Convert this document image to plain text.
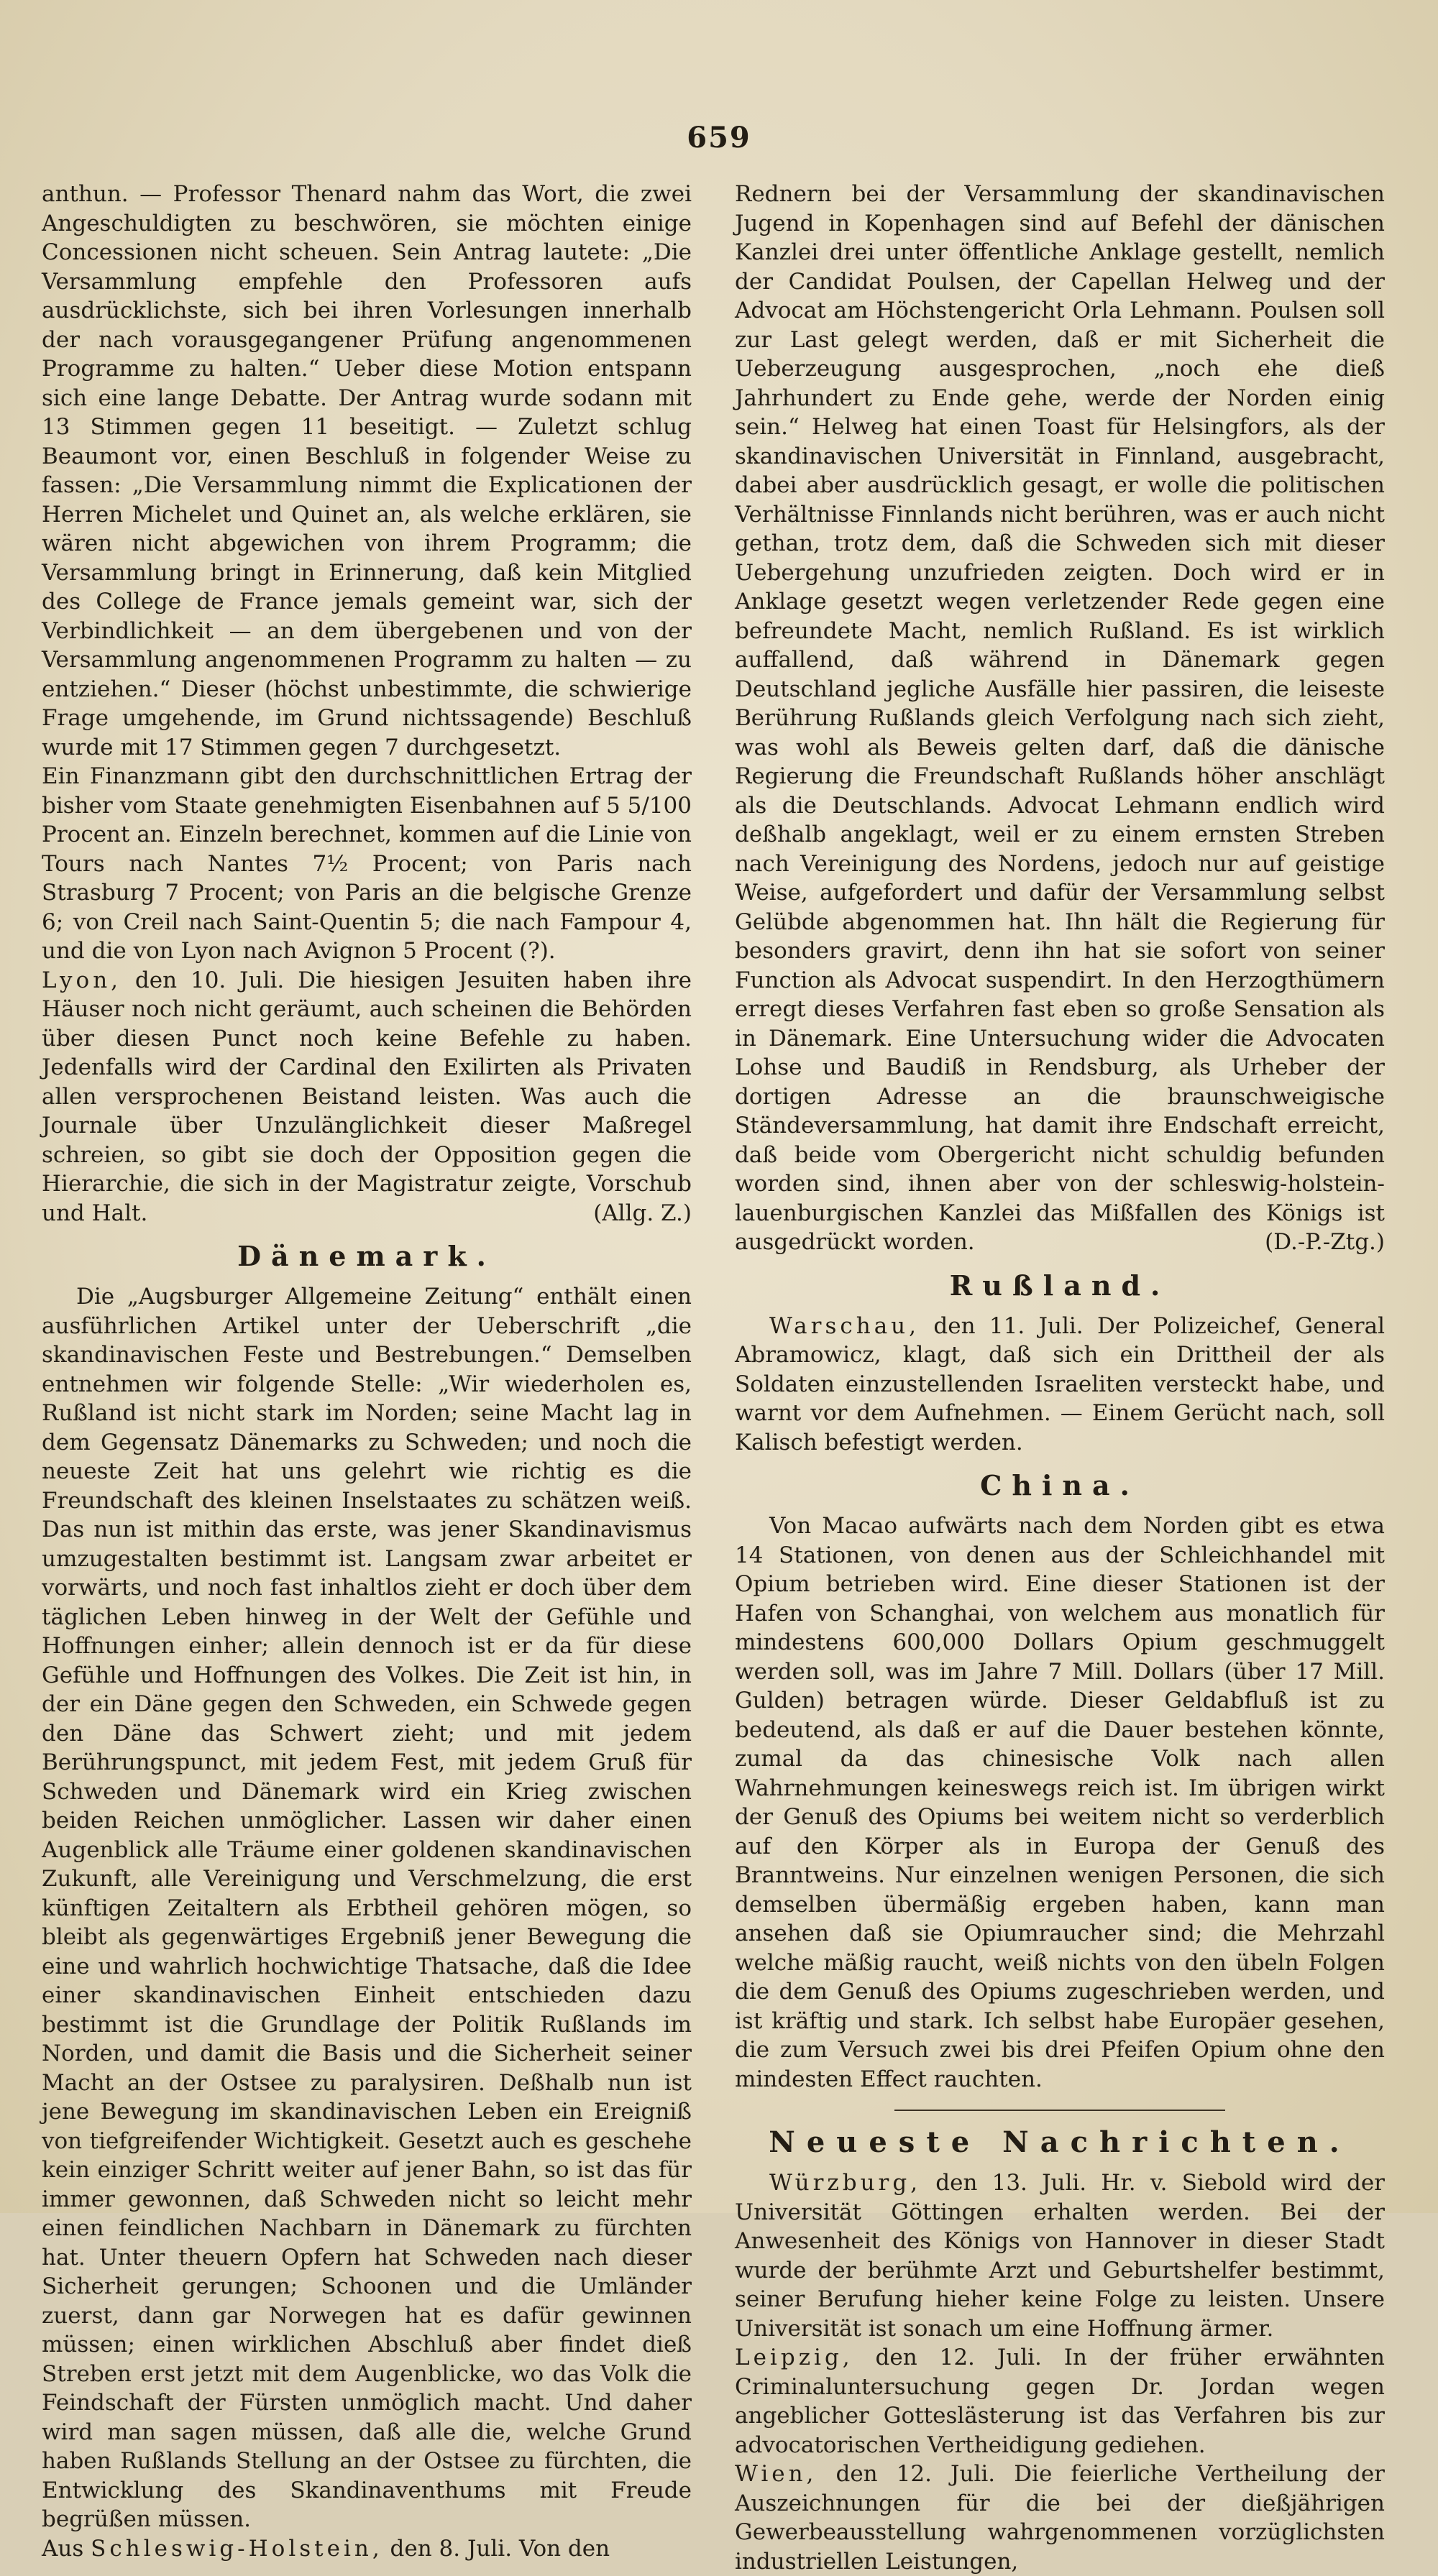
659

anthun. — Professor Thenard nahm das Wort, die zwei Angeschuldigten zu beschwören, sie möchten einige Concessionen nicht scheuen. Sein Antrag lautete: „Die Versammlung empfehle den Professoren aufs ausdrücklichste, sich bei ihren Vorlesungen innerhalb der nach vorausgegangener Prüfung angenommenen Programme zu halten.“ Ueber diese Motion entspann sich eine lange Debatte. Der Antrag wurde sodann mit 13 Stimmen gegen 11 beseitigt. — Zuletzt schlug Beaumont vor, einen Beschluß in folgender Weise zu fassen: „Die Versammlung nimmt die Explicationen der Herren Michelet und Quinet an, als welche erklären, sie wären nicht abgewichen von ihrem Programm; die Versammlung bringt in Erinnerung, daß kein Mitglied des College de France jemals gemeint war, sich der Verbindlichkeit — an dem übergebenen und von der Versammlung angenommenen Programm zu halten — zu entziehen.“ Dieser (höchst unbestimmte, die schwierige Frage umgehende, im Grund nichtssagende) Beschluß wurde mit 17 Stimmen gegen 7 durchgesetzt.

Ein Finanzmann gibt den durchschnittlichen Ertrag der bisher vom Staate genehmigten Eisenbahnen auf 5 5/100 Procent an. Einzeln berechnet, kommen auf die Linie von Tours nach Nantes 7½ Procent; von Paris nach Strasburg 7 Procent; von Paris an die belgische Grenze 6; von Creil nach Saint-Quentin 5; die nach Fampour 4, und die von Lyon nach Avignon 5 Procent (?).

Lyon, den 10. Juli. Die hiesigen Jesuiten haben ihre Häuser noch nicht geräumt, auch scheinen die Behörden über diesen Punct noch keine Befehle zu haben. Jedenfalls wird der Cardinal den Exilirten als Privaten allen versprochenen Beistand leisten. Was auch die Journale über Unzulänglichkeit dieser Maßregel schreien, so gibt sie doch der Opposition gegen die Hierarchie, die sich in der Magistratur zeigte, Vorschub und Halt.	(Allg. Z.)

Dänemark.

Die „Augsburger Allgemeine Zeitung“ enthält einen ausführlichen Artikel unter der Ueberschrift „die skandinavischen Feste und Bestrebungen.“ Demselben entnehmen wir folgende Stelle: „Wir wiederholen es, Rußland ist nicht stark im Norden; seine Macht lag in dem Gegensatz Dänemarks zu Schweden; und noch die neueste Zeit hat uns gelehrt wie richtig es die Freundschaft des kleinen Inselstaates zu schätzen weiß. Das nun ist mithin das erste, was jener Skandinavismus umzugestalten bestimmt ist. Langsam zwar arbeitet er vorwärts, und noch fast inhaltlos zieht er doch über dem täglichen Leben hinweg in der Welt der Gefühle und Hoffnungen einher; allein dennoch ist er da für diese Gefühle und Hoffnungen des Volkes. Die Zeit ist hin, in der ein Däne gegen den Schweden, ein Schwede gegen den Däne das Schwert zieht; und mit jedem Berührungspunct, mit jedem Fest, mit jedem Gruß für Schweden und Dänemark wird ein Krieg zwischen beiden Reichen unmöglicher. Lassen wir daher einen Augenblick alle Träume einer goldenen skandinavischen Zukunft, alle Vereinigung und Verschmelzung, die erst künftigen Zeitaltern als Erbtheil gehören mögen, so bleibt als gegenwärtiges Ergebniß jener Bewegung die eine und wahrlich hochwichtige Thatsache, daß die Idee einer skandinavischen Einheit entschieden dazu bestimmt ist die Grundlage der Politik Rußlands im Norden, und damit die Basis und die Sicherheit seiner Macht an der Ostsee zu paralysiren. Deßhalb nun ist jene Bewegung im skandinavischen Leben ein Ereigniß von tiefgreifender Wichtigkeit. Gesetzt auch es geschehe kein einziger Schritt weiter auf jener Bahn, so ist das für immer gewonnen, daß Schweden nicht so leicht mehr einen feindlichen Nachbarn in Dänemark zu fürchten hat. Unter theuern Opfern hat Schweden nach dieser Sicherheit gerungen; Schoonen und die Umländer zuerst, dann gar Norwegen hat es dafür gewinnen müssen; einen wirklichen Abschluß aber findet dieß Streben erst jetzt mit dem Augenblicke, wo das Volk die Feindschaft der Fürsten unmöglich macht. Und daher wird man sagen müssen, daß alle die, welche Grund haben Rußlands Stellung an der Ostsee zu fürchten, die Entwicklung des Skandinaventhums mit Freude begrüßen müssen.

Aus Schleswig-Holstein, den 8. Juli. Von den

Rednern bei der Versammlung der skandinavischen Jugend in Kopenhagen sind auf Befehl der dänischen Kanzlei drei unter öffentliche Anklage gestellt, nemlich der Candidat Poulsen, der Capellan Helweg und der Advocat am Höchstengericht Orla Lehmann. Poulsen soll zur Last gelegt werden, daß er mit Sicherheit die Ueberzeugung ausgesprochen, „noch ehe dieß Jahrhundert zu Ende gehe, werde der Norden einig sein.“ Helweg hat einen Toast für Helsingfors, als der skandinavischen Universität in Finnland, ausgebracht, dabei aber ausdrücklich gesagt, er wolle die politischen Verhältnisse Finnlands nicht berühren, was er auch nicht gethan, trotz dem, daß die Schweden sich mit dieser Uebergehung unzufrieden zeigten. Doch wird er in Anklage gesetzt wegen verletzender Rede gegen eine befreundete Macht, nemlich Rußland. Es ist wirklich auffallend, daß während in Dänemark gegen Deutschland jegliche Ausfälle hier passiren, die leiseste Berührung Rußlands gleich Verfolgung nach sich zieht, was wohl als Beweis gelten darf, daß die dänische Regierung die Freundschaft Rußlands höher anschlägt als die Deutschlands. Advocat Lehmann endlich wird deßhalb angeklagt, weil er zu einem ernsten Streben nach Vereinigung des Nordens, jedoch nur auf geistige Weise, aufgefordert und dafür der Versammlung selbst Gelübde abgenommen hat. Ihn hält die Regierung für besonders gravirt, denn ihn hat sie sofort von seiner Function als Advocat suspendirt. In den Herzogthümern erregt dieses Verfahren fast eben so große Sensation als in Dänemark. Eine Untersuchung wider die Advocaten Lohse und Baudiß in Rendsburg, als Urheber der dortigen Adresse an die braunschweigische Ständeversammlung, hat damit ihre Endschaft erreicht, daß beide vom Obergericht nicht schuldig befunden worden sind, ihnen aber von der schleswig-holstein-lauenburgischen Kanzlei das Mißfallen des Königs ist ausgedrückt worden.	(D.-P.-Ztg.)

Rußland.

Warschau, den 11. Juli. Der Polizeichef, General Abramowicz, klagt, daß sich ein Drittheil der als Soldaten einzustellenden Israeliten versteckt habe, und warnt vor dem Aufnehmen. — Einem Gerücht nach, soll Kalisch befestigt werden.

China.

Von Macao aufwärts nach dem Norden gibt es etwa 14 Stationen, von denen aus der Schleichhandel mit Opium betrieben wird. Eine dieser Stationen ist der Hafen von Schanghai, von welchem aus monatlich für mindestens 600,000 Dollars Opium geschmuggelt werden soll, was im Jahre 7 Mill. Dollars (über 17 Mill. Gulden) betragen würde. Dieser Geldabfluß ist zu bedeutend, als daß er auf die Dauer bestehen könnte, zumal da das chinesische Volk nach allen Wahrnehmungen keineswegs reich ist. Im übrigen wirkt der Genuß des Opiums bei weitem nicht so verderblich auf den Körper als in Europa der Genuß des Branntweins. Nur einzelnen wenigen Personen, die sich demselben übermäßig ergeben haben, kann man ansehen daß sie Opiumraucher sind; die Mehrzahl welche mäßig raucht, weiß nichts von den übeln Folgen die dem Genuß des Opiums zugeschrieben werden, und ist kräftig und stark. Ich selbst habe Europäer gesehen, die zum Versuch zwei bis drei Pfeifen Opium ohne den mindesten Effect rauchten.

Neueste Nachrichten.

Würzburg, den 13. Juli. Hr. v. Siebold wird der Universität Göttingen erhalten werden. Bei der Anwesenheit des Königs von Hannover in dieser Stadt wurde der berühmte Arzt und Geburtshelfer bestimmt, seiner Berufung hieher keine Folge zu leisten. Unsere Universität ist sonach um eine Hoffnung ärmer.

Leipzig, den 12. Juli. In der früher erwähnten Criminaluntersuchung gegen Dr. Jordan wegen angeblicher Gotteslästerung ist das Verfahren bis zur advocatorischen Vertheidigung gediehen.

Wien, den 12. Juli. Die feierliche Vertheilung der Auszeichnungen für die bei der dießjährigen Gewerbeausstellung wahrgenommenen vorzüglichsten industriellen Leistungen,
